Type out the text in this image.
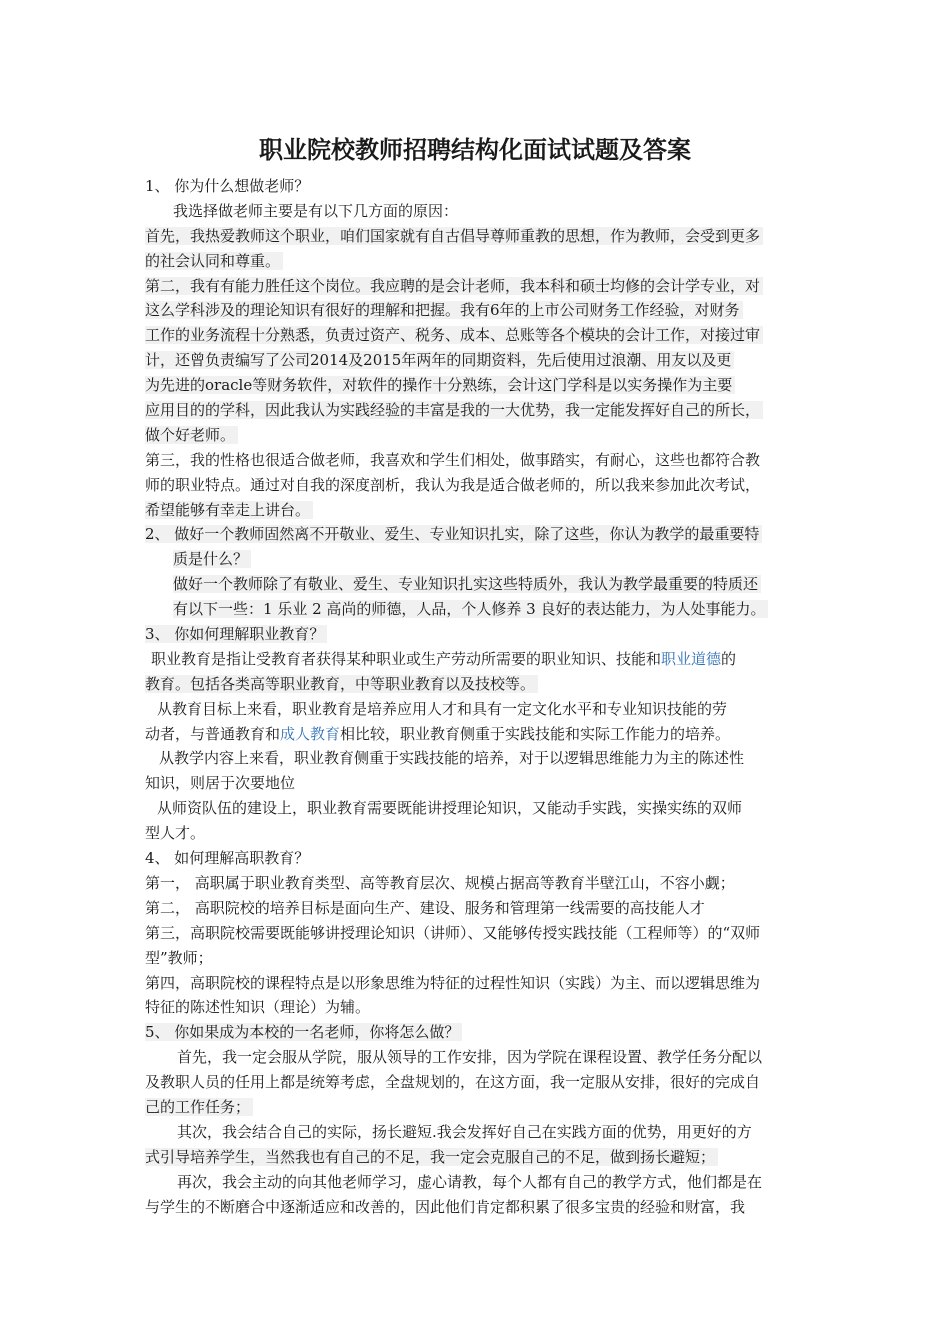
职业院校教师招聘结构化面试试题及答案
1、 你为什么想做老师？
我选择做老师主要是有以下几方面的原因：
首先，我热爱教师这个职业，咱们国家就有自古倡导尊师重教的思想，作为教师，会受到更多
的社会认同和尊重。
第二，我有有能力胜任这个岗位。我应聘的是会计老师，我本科和硕士均修的会计学专业，对
这么学科涉及的理论知识有很好的理解和把握。我有6年的上市公司财务工作经验，对财务
工作的业务流程十分熟悉，负责过资产、税务、成本、总账等各个模块的会计工作，对接过审
计，还曾负责编写了公司2014及2015年两年的同期资料，先后使用过浪潮、用友以及更
为先进的oracle等财务软件，对软件的操作十分熟练，会计这门学科是以实务操作为主要
应用目的的学科，因此我认为实践经验的丰富是我的一大优势，我一定能发挥好自己的所长，
做个好老师。
第三，我的性格也很适合做老师，我喜欢和学生们相处，做事踏实，有耐心，这些也都符合教
师的职业特点。通过对自我的深度剖析，我认为我是适合做老师的，所以我来参加此次考试，
希望能够有幸走上讲台。
2、 做好一个教师固然离不开敬业、爱生、专业知识扎实，除了这些，你认为教学的最重要特
质是什么？
做好一个教师除了有敬业、爱生、专业知识扎实这些特质外，我认为教学最重要的特质还
有以下一些：1 乐业 2 高尚的师德，人品，个人修养 3 良好的表达能力，为人处事能力。
3、 你如何理解职业教育？
职业教育是指让受教育者获得某种职业或生产劳动所需要的职业知识、技能和职业道德的
教育。包括各类高等职业教育，中等职业教育以及技校等。
从教育目标上来看，职业教育是培养应用人才和具有一定文化水平和专业知识技能的劳
动者，与普通教育和成人教育相比较，职业教育侧重于实践技能和实际工作能力的培养。
从教学内容上来看，职业教育侧重于实践技能的培养，对于以逻辑思维能力为主的陈述性
知识，则居于次要地位
从师资队伍的建设上，职业教育需要既能讲授理论知识，又能动手实践，实操实练的双师
型人才。
4、 如何理解高职教育？
第一， 高职属于职业教育类型、高等教育层次、规模占据高等教育半壁江山，不容小觑；
第二， 高职院校的培养目标是面向生产、建设、服务和管理第一线需要的高技能人才
第三，高职院校需要既能够讲授理论知识（讲师）、又能够传授实践技能（工程师等）的“双师
型”教师；
第四，高职院校的课程特点是以形象思维为特征的过程性知识（实践）为主、而以逻辑思维为
特征的陈述性知识（理论）为辅。
5、 你如果成为本校的一名老师，你将怎么做？
首先，我一定会服从学院，服从领导的工作安排，因为学院在课程设置、教学任务分配以
及教职人员的任用上都是统筹考虑，全盘规划的，在这方面，我一定服从安排，很好的完成自
己的工作任务；
其次，我会结合自己的实际，扬长避短.我会发挥好自己在实践方面的优势，用更好的方
式引导培养学生，当然我也有自己的不足，我一定会克服自己的不足，做到扬长避短；
再次，我会主动的向其他老师学习，虚心请教，每个人都有自己的教学方式，他们都是在
与学生的不断磨合中逐渐适应和改善的，因此他们肯定都积累了很多宝贵的经验和财富，我
